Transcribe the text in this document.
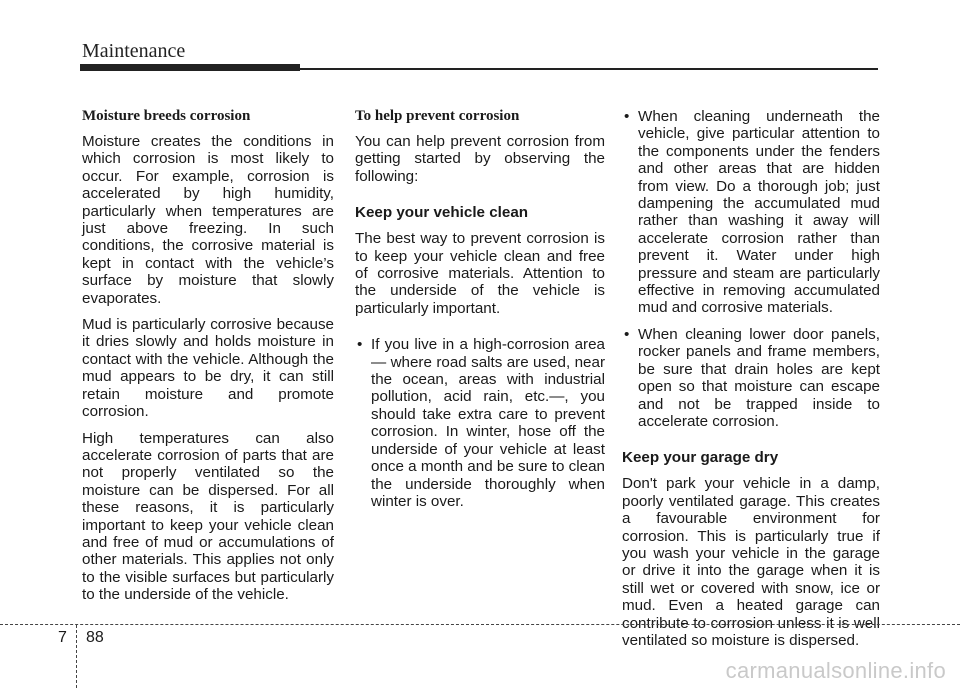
Maintenance
Moisture breeds corrosion

Moisture creates the conditions in which corrosion is most likely to occur. For example, corrosion is accelerated by high humidity, particularly when temperatures are just above freezing. In such conditions, the corrosive material is kept in contact with the vehicle’s surface by moisture that slowly evaporates.

Mud is particularly corrosive because it dries slowly and holds moisture in contact with the vehicle. Although the mud appears to be dry, it can still retain moisture and promote corrosion.

High temperatures can also accelerate corrosion of parts that are not properly ventilated so the moisture can be dispersed. For all these reasons, it is particularly important to keep your vehicle clean and free of mud or accumulations of other materials. This applies not only to the visible surfaces but particularly to the underside of the vehicle.

To help prevent corrosion

You can help prevent corrosion from getting started by observing the following:

Keep your vehicle clean

The best way to prevent corrosion is to keep your vehicle clean and free of corrosive materials. Attention to the underside of the vehicle is particularly important.

• If you live in a high-corrosion area — where road salts are used, near the ocean, areas with industrial pollution, acid rain, etc.—, you should take extra care to prevent corrosion. In winter, hose off the underside of your vehicle at least once a month and be sure to clean the underside thoroughly when winter is over.
• When cleaning underneath the vehicle, give particular attention to the components under the fenders and other areas that are hidden from view. Do a thorough job; just dampening the accumulated mud rather than washing it away will accelerate corrosion rather than prevent it. Water under high pressure and steam are particularly effective in removing accumulated mud and corrosive materials.
• When cleaning lower door panels, rocker panels and frame members, be sure that drain holes are kept open so that moisture can escape and not be trapped inside to accelerate corrosion.
Keep your garage dry

Don't park your vehicle in a damp, poorly ventilated garage. This creates a favourable environment for corrosion. This is particularly true if you wash your vehicle in the garage or drive it into the garage when it is still wet or covered with snow, ice or mud. Even a heated garage can contribute to corrosion unless it is well ventilated so moisture is dispersed.

7 88
carmanualsonline.info
